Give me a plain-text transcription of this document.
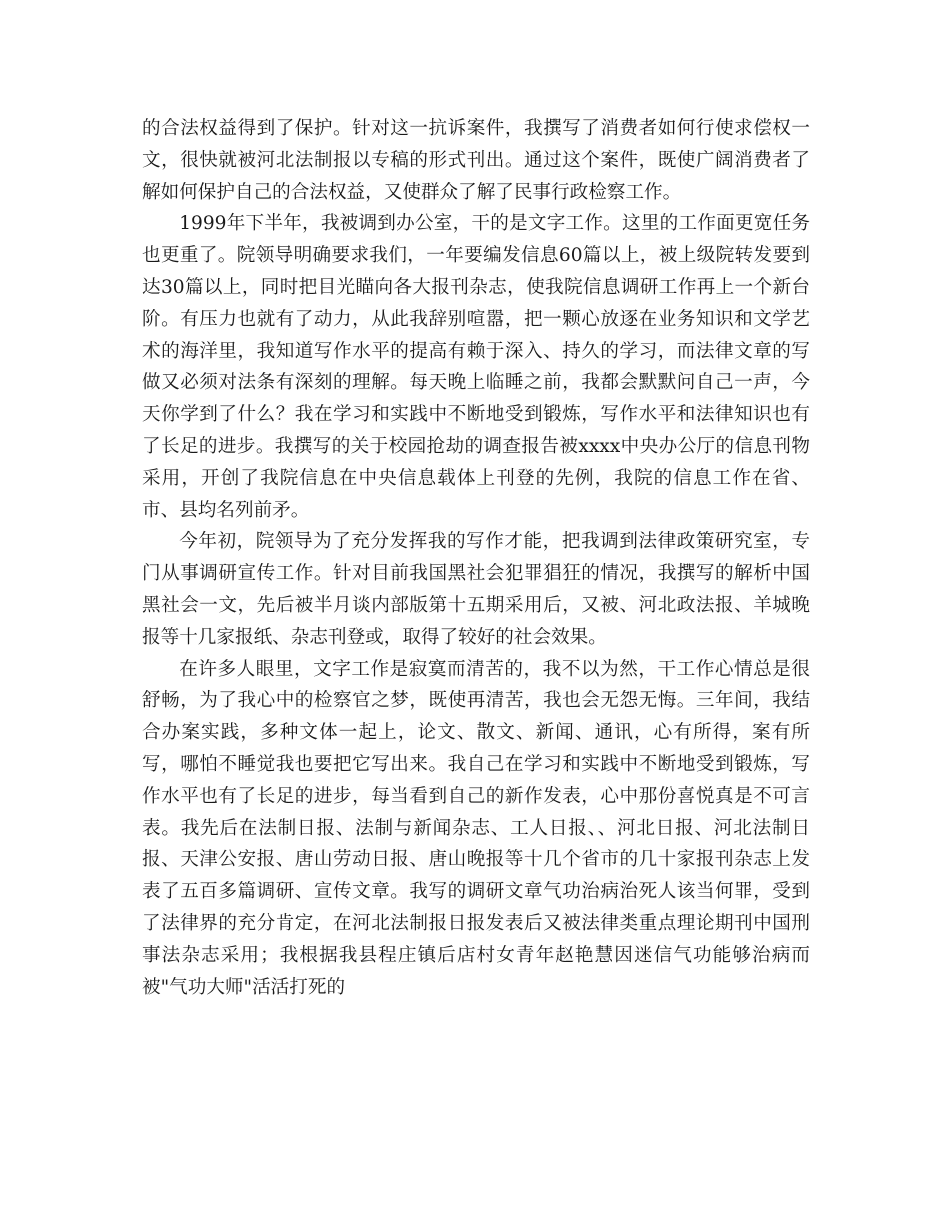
的合法权益得到了保护。针对这一抗诉案件，我撰写了消费者如何行使求偿权一文，很快就被河北法制报以专稿的形式刊出。通过这个案件，既使广阔消费者了解如何保护自己的合法权益，又使群众了解了民事行政检察工作。

1999年下半年，我被调到办公室，干的是文字工作。这里的工作面更宽任务也更重了。院领导明确要求我们，一年要编发信息60篇以上，被上级院转发要到达30篇以上，同时把目光瞄向各大报刊杂志，使我院信息调研工作再上一个新台阶。有压力也就有了动力，从此我辞别喧嚣，把一颗心放逐在业务知识和文学艺术的海洋里，我知道写作水平的提高有赖于深入、持久的学习，而法律文章的写做又必须对法条有深刻的理解。每天晚上临睡之前，我都会默默问自己一声，今天你学到了什么？我在学习和实践中不断地受到锻炼，写作水平和法律知识也有了长足的进步。我撰写的关于校园抢劫的调查报告被xxxx中央办公厅的信息刊物采用，开创了我院信息在中央信息载体上刊登的先例，我院的信息工作在省、市、县均名列前矛。

今年初，院领导为了充分发挥我的写作才能，把我调到法律政策研究室，专门从事调研宣传工作。针对目前我国黑社会犯罪猖狂的情况，我撰写的解析中国黑社会一文，先后被半月谈内部版第十五期采用后，又被、河北政法报、羊城晚报等十几家报纸、杂志刊登或，取得了较好的社会效果。

在许多人眼里，文字工作是寂寞而清苦的，我不以为然，干工作心情总是很舒畅，为了我心中的检察官之梦，既使再清苦，我也会无怨无悔。三年间，我结合办案实践，多种文体一起上，论文、散文、新闻、通讯，心有所得，案有所写，哪怕不睡觉我也要把它写出来。我自己在学习和实践中不断地受到锻炼，写作水平也有了长足的进步，每当看到自己的新作发表，心中那份喜悦真是不可言表。我先后在法制日报、法制与新闻杂志、工人日报、、河北日报、河北法制日报、天津公安报、唐山劳动日报、唐山晚报等十几个省市的几十家报刊杂志上发表了五百多篇调研、宣传文章。我写的调研文章气功治病治死人该当何罪，受到了法律界的充分肯定，在河北法制报日报发表后又被法律类重点理论期刊中国刑事法杂志采用；我根据我县程庄镇后店村女青年赵艳慧因迷信气功能够治病而被"气功大师"活活打死的
